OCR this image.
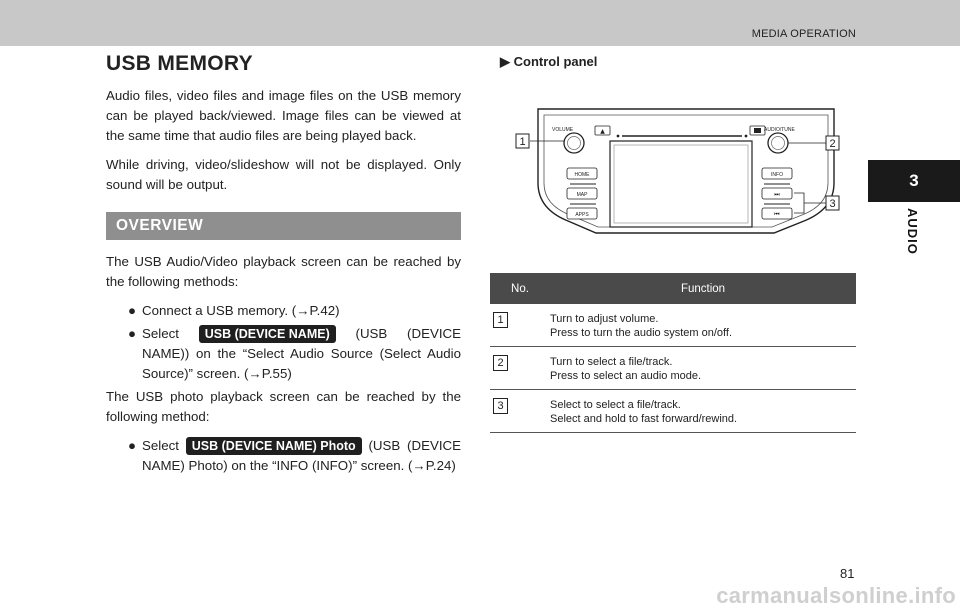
MEDIA OPERATION
3
AUDIO
USB MEMORY

Audio files, video files and image files on the USB memory can be played back/viewed. Image files can be viewed at the same time that audio files are being played back.

While driving, video/slideshow will not be displayed. Only sound will be output.

OVERVIEW

The USB Audio/Video playback screen can be reached by the following methods:

● Connect a USB memory. (→P.42)
● Select USB (DEVICE NAME) (USB (DEVICE NAME)) on the “Select Audio Source (Select Audio Source)” screen. (→P.55)

The USB photo playback screen can be reached by the following method:

● Select USB (DEVICE NAME) Photo (USB (DEVICE NAME) Photo) on the “INFO (INFO)” screen. (→P.24)

▶ Control panel

▲
VOLUME	AUDIO/TUNE
HOME
MAP
APPS
INFO
⏭
⏮
1	2
3
No.	Function
1	Turn to adjust volume.
Press to turn the audio system on/off.

2	Turn to select a file/track.
Press to select an audio mode.

3	Select to select a file/track.
Select and hold to fast forward/rewind.
81
carmanualsonline.info
